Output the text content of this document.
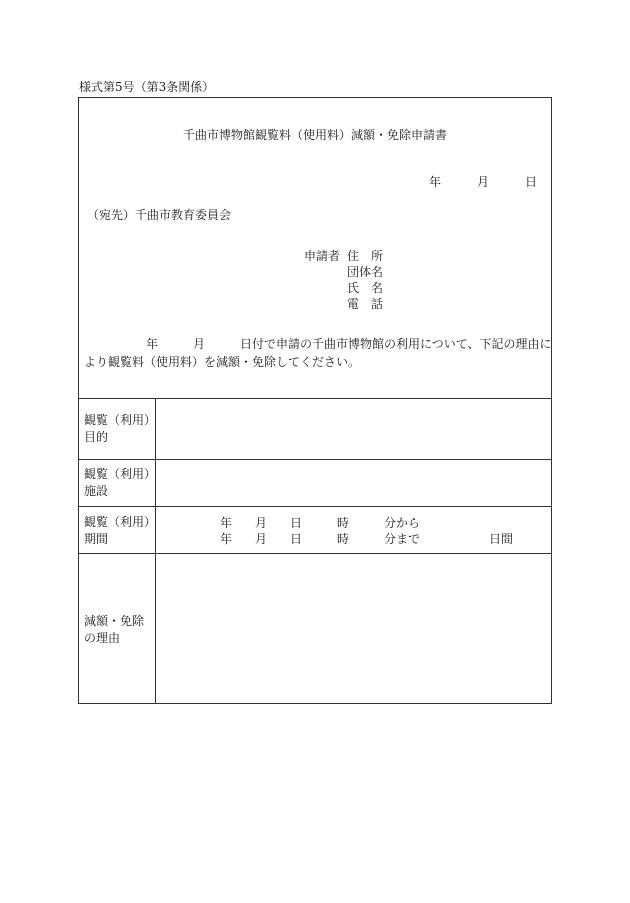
様式第5号（第3条関係）
千曲市博物館観覧料（使用料）減額・免除申請書
年	月	日
（宛先）千曲市教育委員会
申請者 住　所
団体名
氏　名
電　話
年	月	日付で申請の千曲市博物館の利用について、下記の理由に
より観覧料（使用料）を減額・免除してください。
観覧（利用）
目的
観覧（利用）
施設
観覧（利用）
期間
年 月 日	時	分から
年 月 日	時	分まで	日間
減額・免除
の理由
